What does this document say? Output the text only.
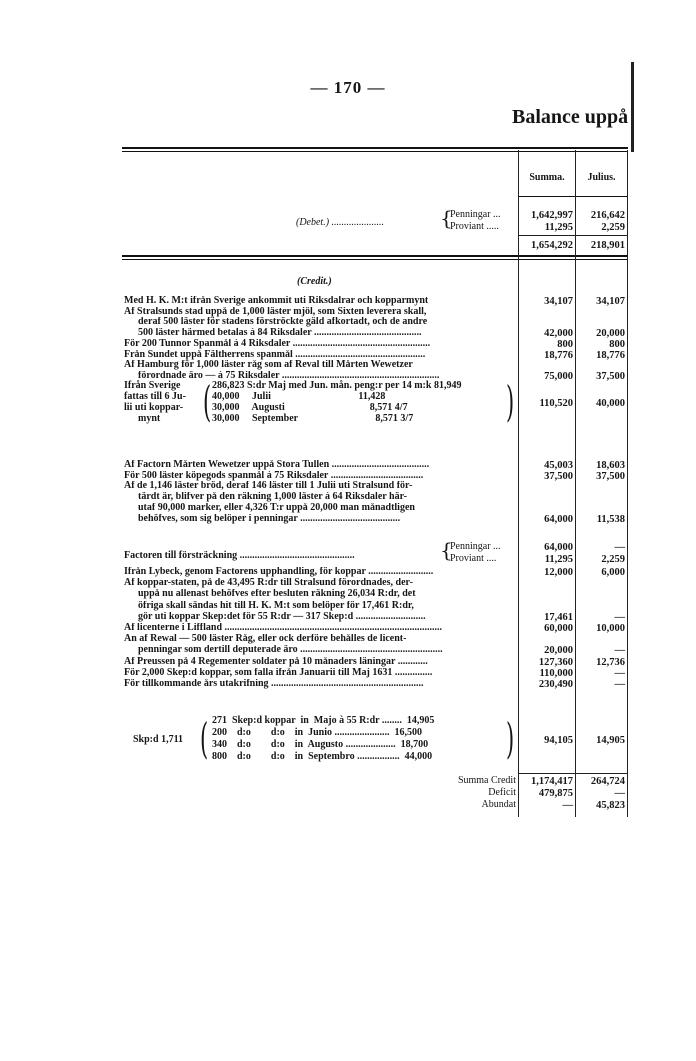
— 170 —
Balance uppå
Summa.	Julius.
(Debet.) .....................	{
Penningar ...
Proviant .....
1,642,997	216,642
11,295	2,259
1,654,292	218,901
(Credit.)
Med H. K. M:t ifrån Sverige ankommit uti Riksdalrar och kopparmynt	34,107	34,107
Af Stralsunds stad uppå de 1,000 läster mjöl, som Sixten leverera skall,
deraf 500 läster för stadens förströckte gäld afkortadt, och de andre
500 läster härmed betalas à 84 Riksdaler ...........................................	42,000	20,000
För 200 Tunnor Spanmål à 4 Riksdaler .......................................................	800	800
Från Sundet uppå Fältherrens spanmål ....................................................	18,776	18,776
Af Hamburg för 1,000 läster råg som af Reval till Mårten Wewetzer
förordnade äro — à 75 Riksdaler ...............................................................	75,000	37,500
Ifrån Sverige
fattas till 6 Ju-
lii uti koppar-
mynt ( 286,823 S:dr Maj med Jun. mån. peng:r per 14 m:k 81,949
40,000     Julii                                   11,428
30,000     Augusti                                  8,571 4/7
30,000     September                               8,571 3/7 )	110,520	40,000
Af Factorn Mårten Wewetzer uppå Stora Tullen .......................................	45,003	18,603
För 500 läster köpegods spanmål à 75 Riksdaler .....................................	37,500	37,500
Af de 1,146 läster bröd, deraf 146 läster till 1 Julii uti Stralsund för-
tärdt är, blifver på den räkning 1,000 läster à 64 Riksdaler här-
utaf 90,000 marker, eller 4,326 T:r uppå 20,000 man månadtligen
behöfves, som sig belöper i penningar ........................................	64,000	11,538
Factoren till försträckning ..............................................	{
Penningar ...
Proviant ....
64,000	—
11,295	2,259
Ifrån Lybeck, genom Factorens upphandling, för koppar ..........................	12,000	6,000
Af koppar-staten, på de 43,495 R:dr till Stralsund förordnades, der-
uppå nu allenast behöfves efter besluten räkning 26,034 R:dr, det
öfriga skall sändas hit till H. K. M:t som belöper för 17,461 R:dr,
gör uti koppar Skep:det för 55 R:dr — 317 Skep:d ............................	17,461	—
Af licenterne i Liffland .......................................................................................	60,000	10,000
Än af Rewal — 500 läster Råg, eller ock derföre behålles de licent-
penningar som dertill deputerade äro .........................................................	20,000	—
Af Preussen på 4 Regementer soldater på 10 månaders läningar ............	127,360	12,736
För 2,000 Skep:d koppar, som falla ifrån Januarii till Maj 1631 ...............	110,000	—
För tillkommande års utakrifning .............................................................	230,490	—
Skp:d 1,711 ( 271  Skep:d koppar  in  Majo à 55 R:dr ........  14,905
200    d:o        d:o    in  Junio ......................  16,500
340    d:o        d:o    in  Augusto ....................  18,700
800    d:o        d:o    in  Septembro .................  44,000 )	94,105	14,905
Summa Credit	1,174,417	264,724
Deficit	479,875	—
Abundat	—	45,823
